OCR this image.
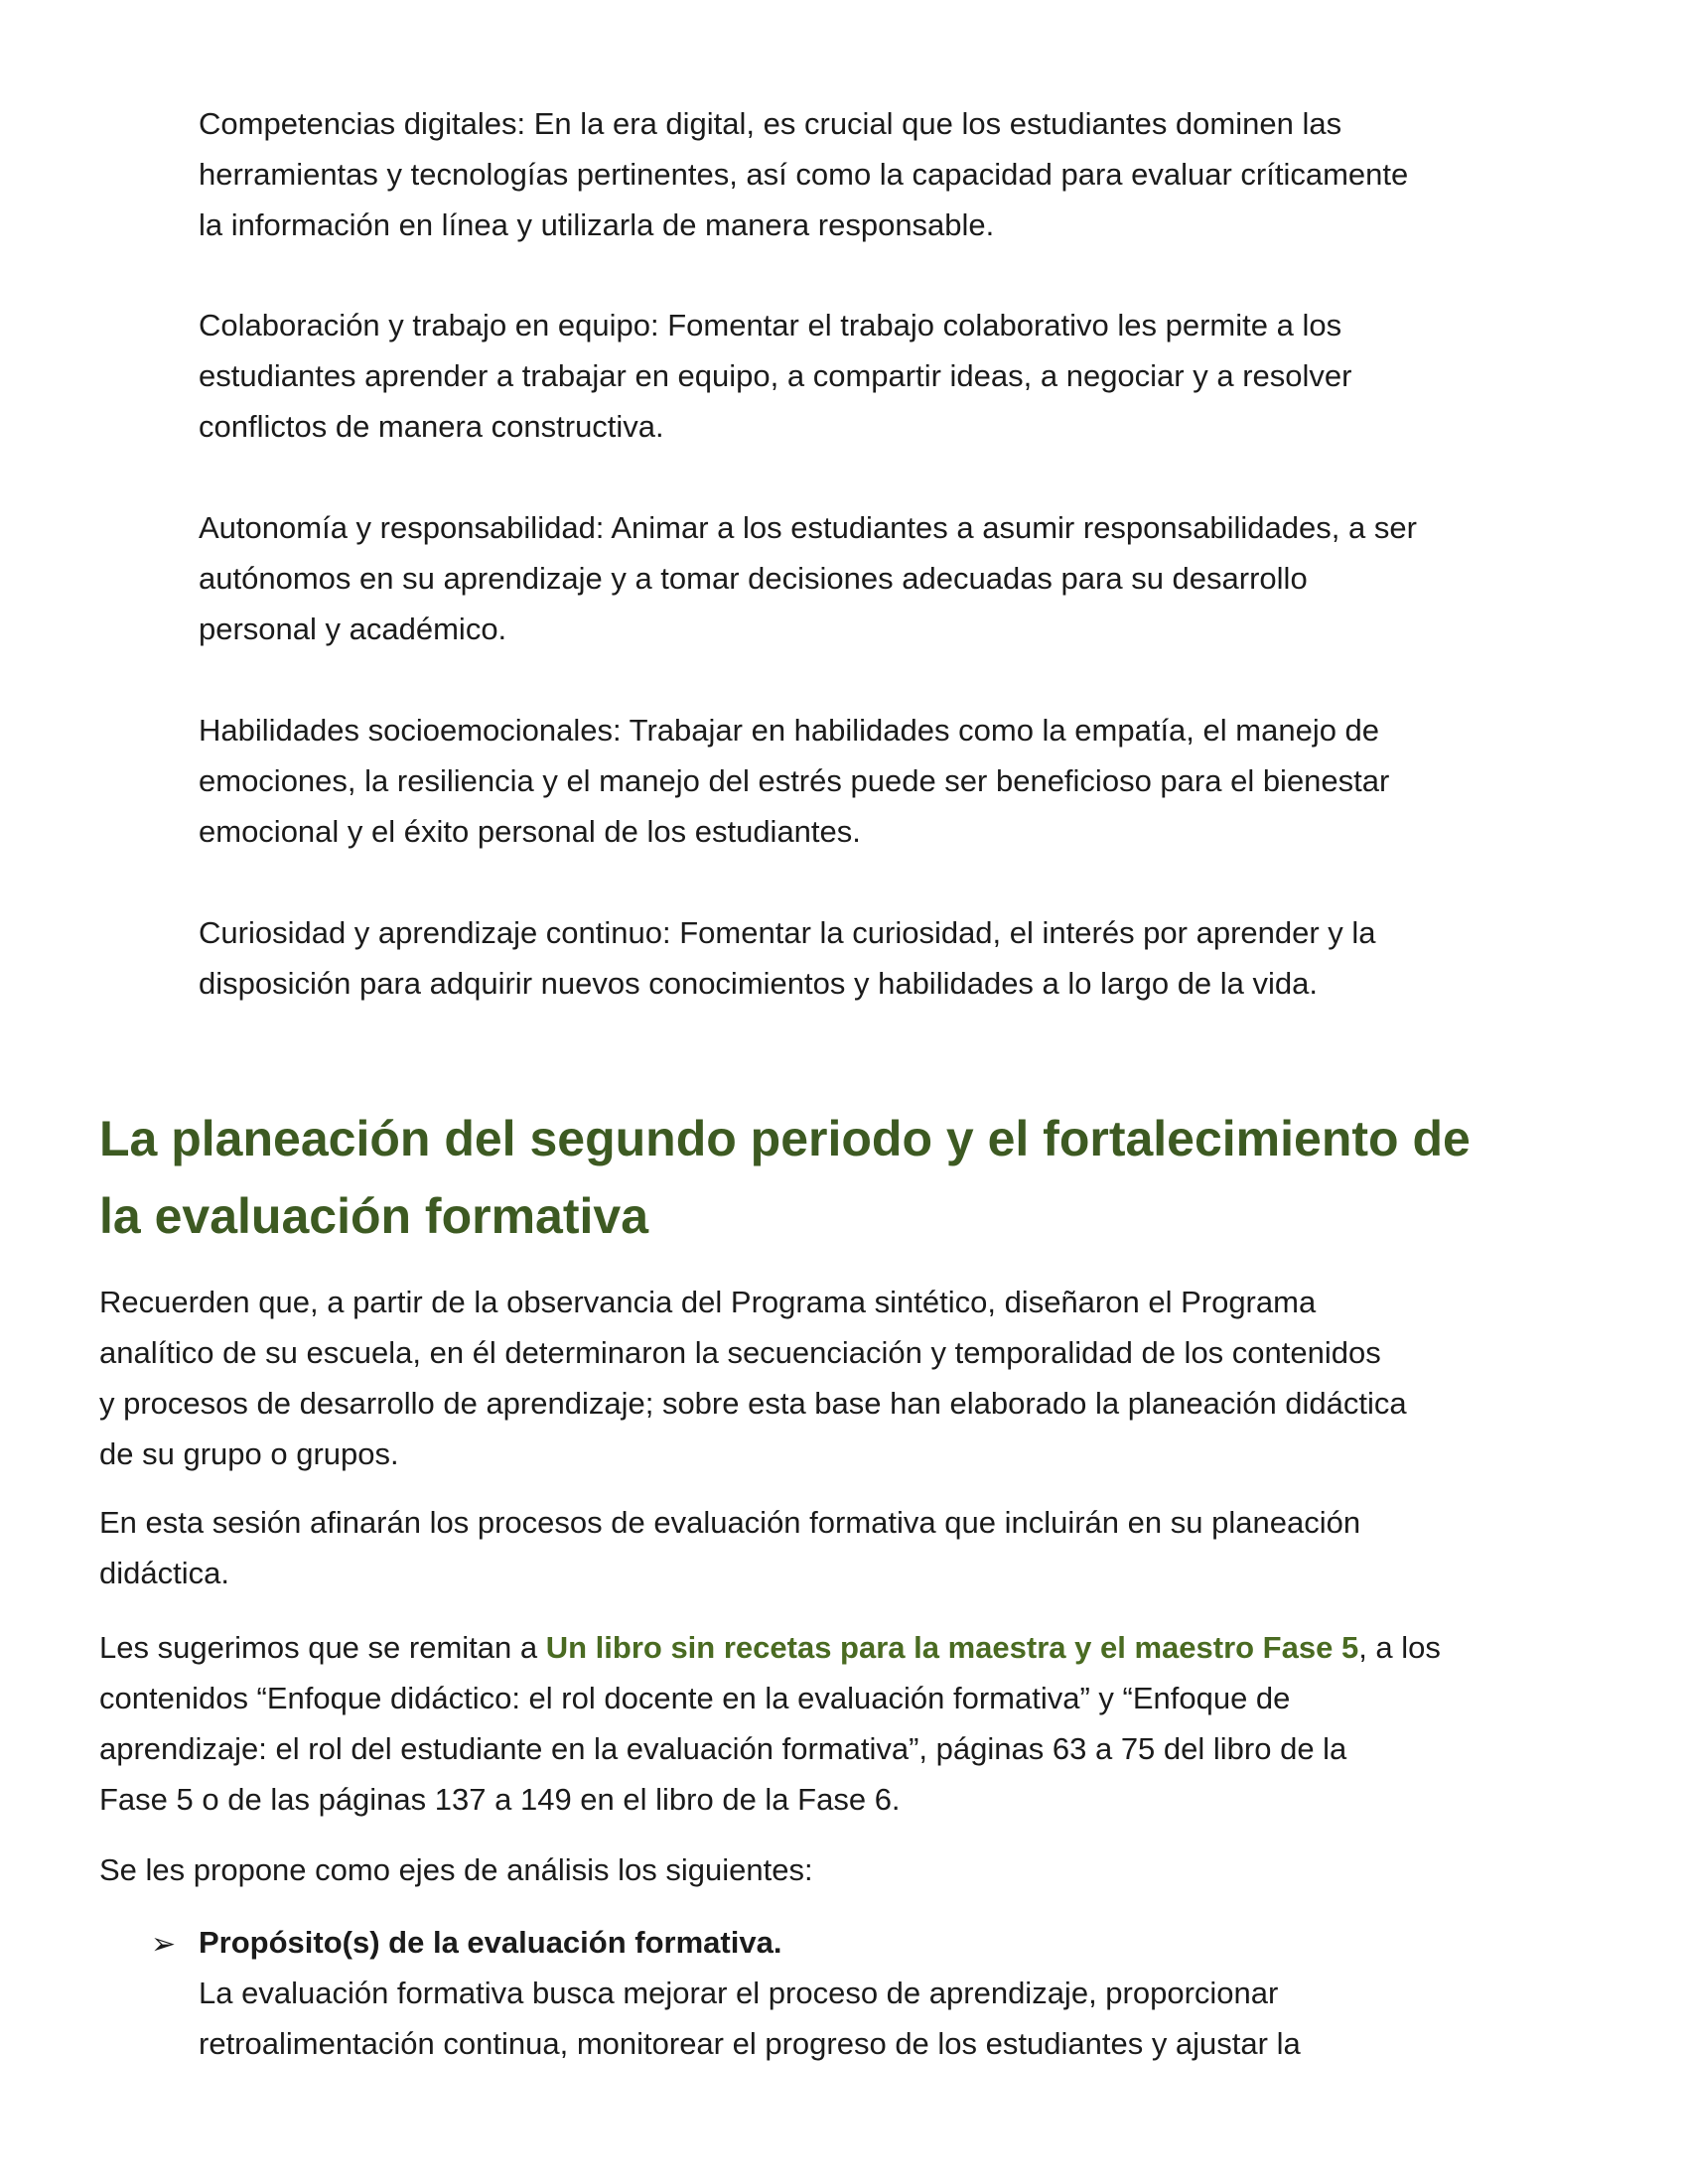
Competencias digitales: En la era digital, es crucial que los estudiantes dominen las
herramientas y tecnologías pertinentes, así como la capacidad para evaluar críticamente
la información en línea y utilizarla de manera responsable.

Colaboración y trabajo en equipo: Fomentar el trabajo colaborativo les permite a los
estudiantes aprender a trabajar en equipo, a compartir ideas, a negociar y a resolver
conflictos de manera constructiva.

Autonomía y responsabilidad: Animar a los estudiantes a asumir responsabilidades, a ser
autónomos en su aprendizaje y a tomar decisiones adecuadas para su desarrollo
personal y académico.

Habilidades socioemocionales: Trabajar en habilidades como la empatía, el manejo de
emociones, la resiliencia y el manejo del estrés puede ser beneficioso para el bienestar
emocional y el éxito personal de los estudiantes.

Curiosidad y aprendizaje continuo: Fomentar la curiosidad, el interés por aprender y la
disposición para adquirir nuevos conocimientos y habilidades a lo largo de la vida.

La planeación del segundo periodo y el fortalecimiento de
la evaluación formativa

Recuerden que, a partir de la observancia del Programa sintético, diseñaron el Programa
analítico de su escuela, en él determinaron la secuenciación y temporalidad de los contenidos
y procesos de desarrollo de aprendizaje; sobre esta base han elaborado la planeación didáctica
de su grupo o grupos.

En esta sesión afinarán los procesos de evaluación formativa que incluirán en su planeación
didáctica.

Les sugerimos que se remitan a Un libro sin recetas para la maestra y el maestro Fase 5, a los
contenidos “Enfoque didáctico: el rol docente en la evaluación formativa” y “Enfoque de
aprendizaje: el rol del estudiante en la evaluación formativa”, páginas 63 a 75 del libro de la
Fase 5 o de las páginas 137 a 149 en el libro de la Fase 6.

Se les propone como ejes de análisis los siguientes:

➢ Propósito(s) de la evaluación formativa.
La evaluación formativa busca mejorar el proceso de aprendizaje, proporcionar
retroalimentación continua, monitorear el progreso de los estudiantes y ajustar la
